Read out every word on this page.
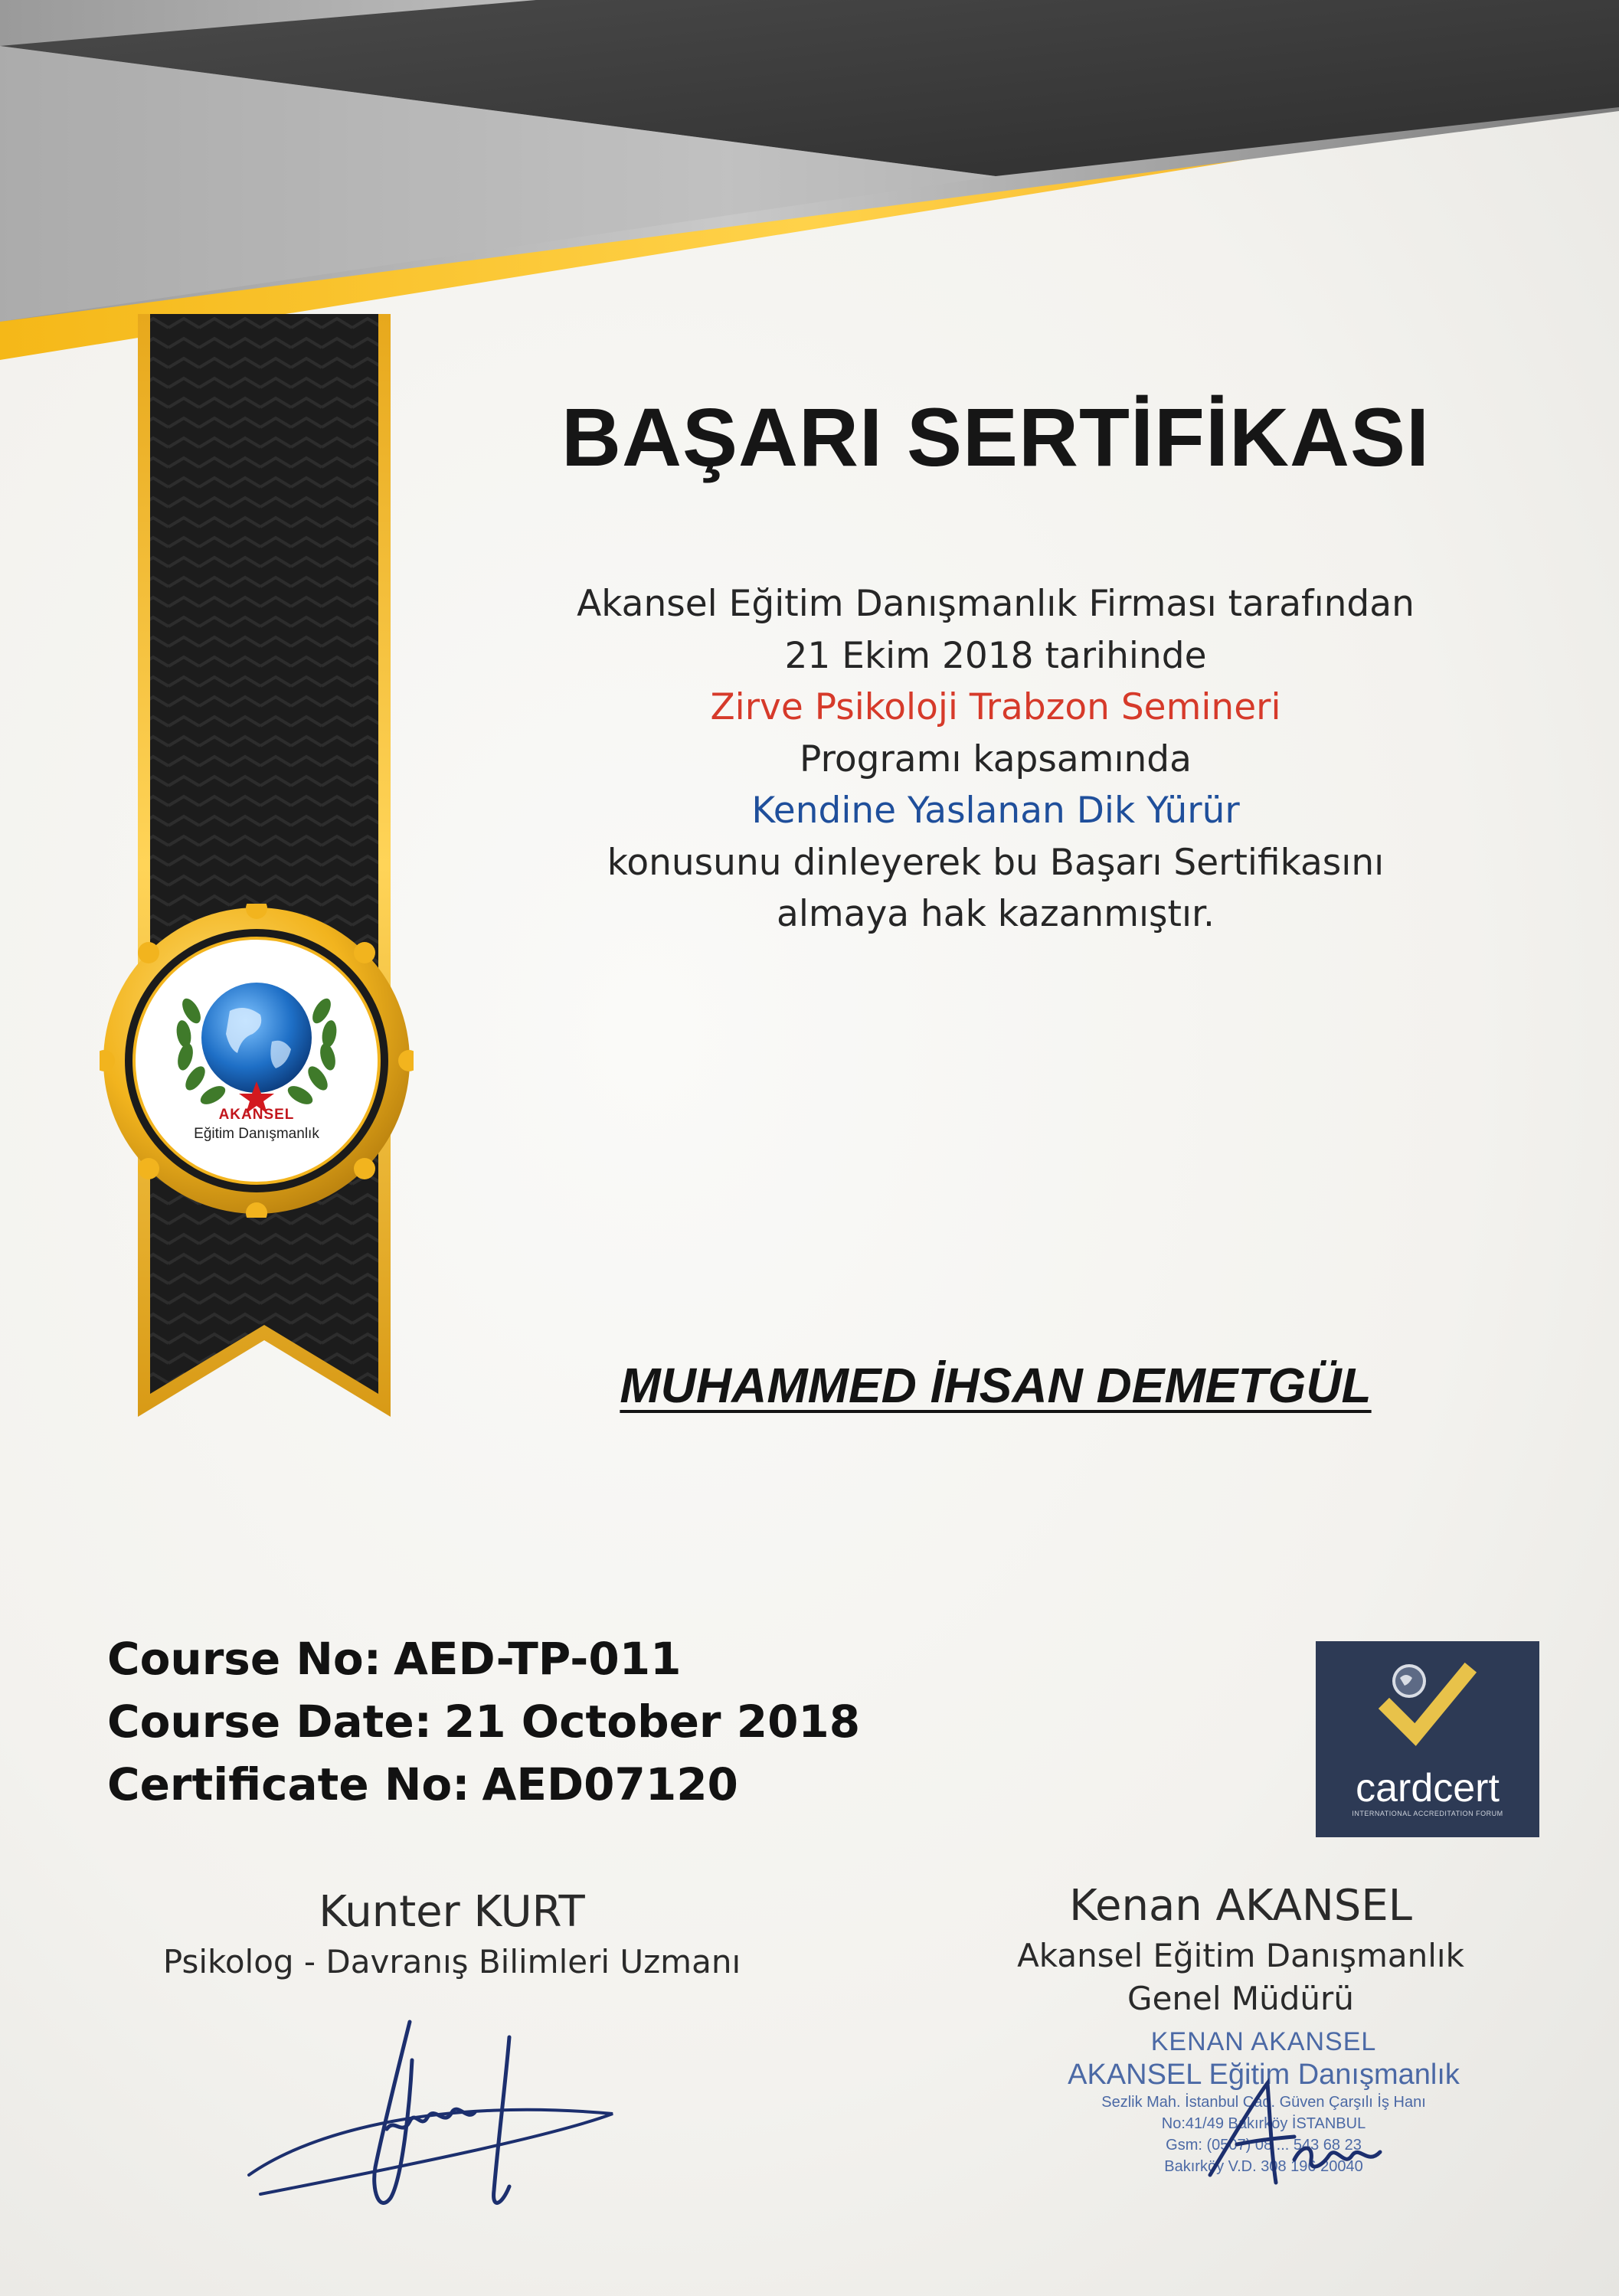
AKANSEL
Eğitim Danışmanlık
BAŞARI SERTİFİKASI
Akansel Eğitim Danışmanlık Firması tarafından
21 Ekim 2018 tarihinde
Zirve Psikoloji Trabzon Semineri
Programı kapsamında
Kendine Yaslanan Dik Yürür
konusunu dinleyerek bu Başarı Sertifikasını
almaya hak kazanmıştır.
MUHAMMED İHSAN DEMETGÜL
Course No: AED-TP-011
Course Date: 21 October 2018
Certificate No: AED07120	cardcert
INTERNATIONAL ACCREDITATION FORUM
Kunter KURT
Psikolog - Davranış Bilimleri Uzmanı
Kenan AKANSEL
Akansel Eğitim Danışmanlık
Genel Müdürü
KENAN AKANSEL
AKANSEL Eğitim Danışmanlık
Sezlik Mah. İstanbul Cad. Güven Çarşılı İş Hanı
No:41/49 Bakırköy İSTANBUL
Gsm: (0507) 08 ... 543 68 23
Bakırköy V.D. 308 196 20040
